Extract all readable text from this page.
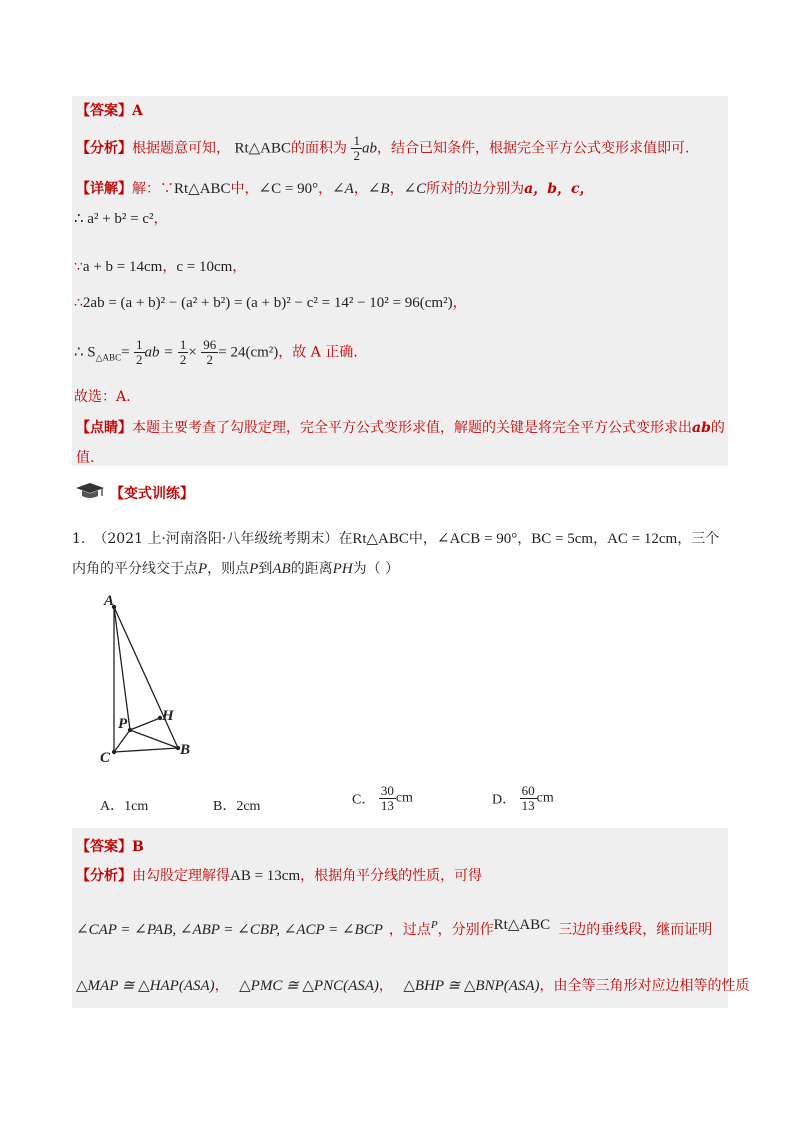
【答案】A
【分析】根据题意可知， Rt△ABC的面积为 $\frac{1}{2}$ ab，结合已知条件，根据完全平方公式变形求值即可.
【详解】解：∵Rt△ABC中，∠C = 90°，∠A，∠B，∠C所对的边分别为a，b，c，
∴ a² + b² = c²，
∵a + b = 14cm，c = 10cm，
∴2ab = (a + b)² − (a² + b²) = (a + b)² − c² = 14² − 10² = 96(cm²)，
∴ $S_{\triangle ABC}= \frac{1}{2}$ ab = $\frac{1}{2} \times \frac{96}{2} = 24(cm^2)$，故 A 正确.
故选：A.
【点睛】本题主要考查了勾股定理，完全平方公式变形求值，解题的关键是将完全平方公式变形求出ab的
值.
【变式训练】
1. （2021 上·河南洛阳·八年级统考期末）在Rt△ABC中，∠ACB = 90°，BC = 5cm，AC = 12cm，三个
内角的平分线交于点P，则点P到AB的距离PH为（ ）
A
P H
B
C
A．1cm	B．2cm	C． $\frac{30}{13}$ cm	D． $\frac{60}{13}$ cm
【答案】B
【分析】由勾股定理解得AB = 13cm，根据角平分线的性质，可得
∠CAP = ∠PAB, ∠ABP = ∠CBP, ∠ACP = ∠BCP ，过点$^P$，分别作Rt△ABC 三边的垂线段，继而证明
△MAP ≅ △HAP(ASA)， △PMC ≅ △PNC(ASA)， △BHP ≅ △BNP(ASA)，由全等三角形对应边相等的性质
